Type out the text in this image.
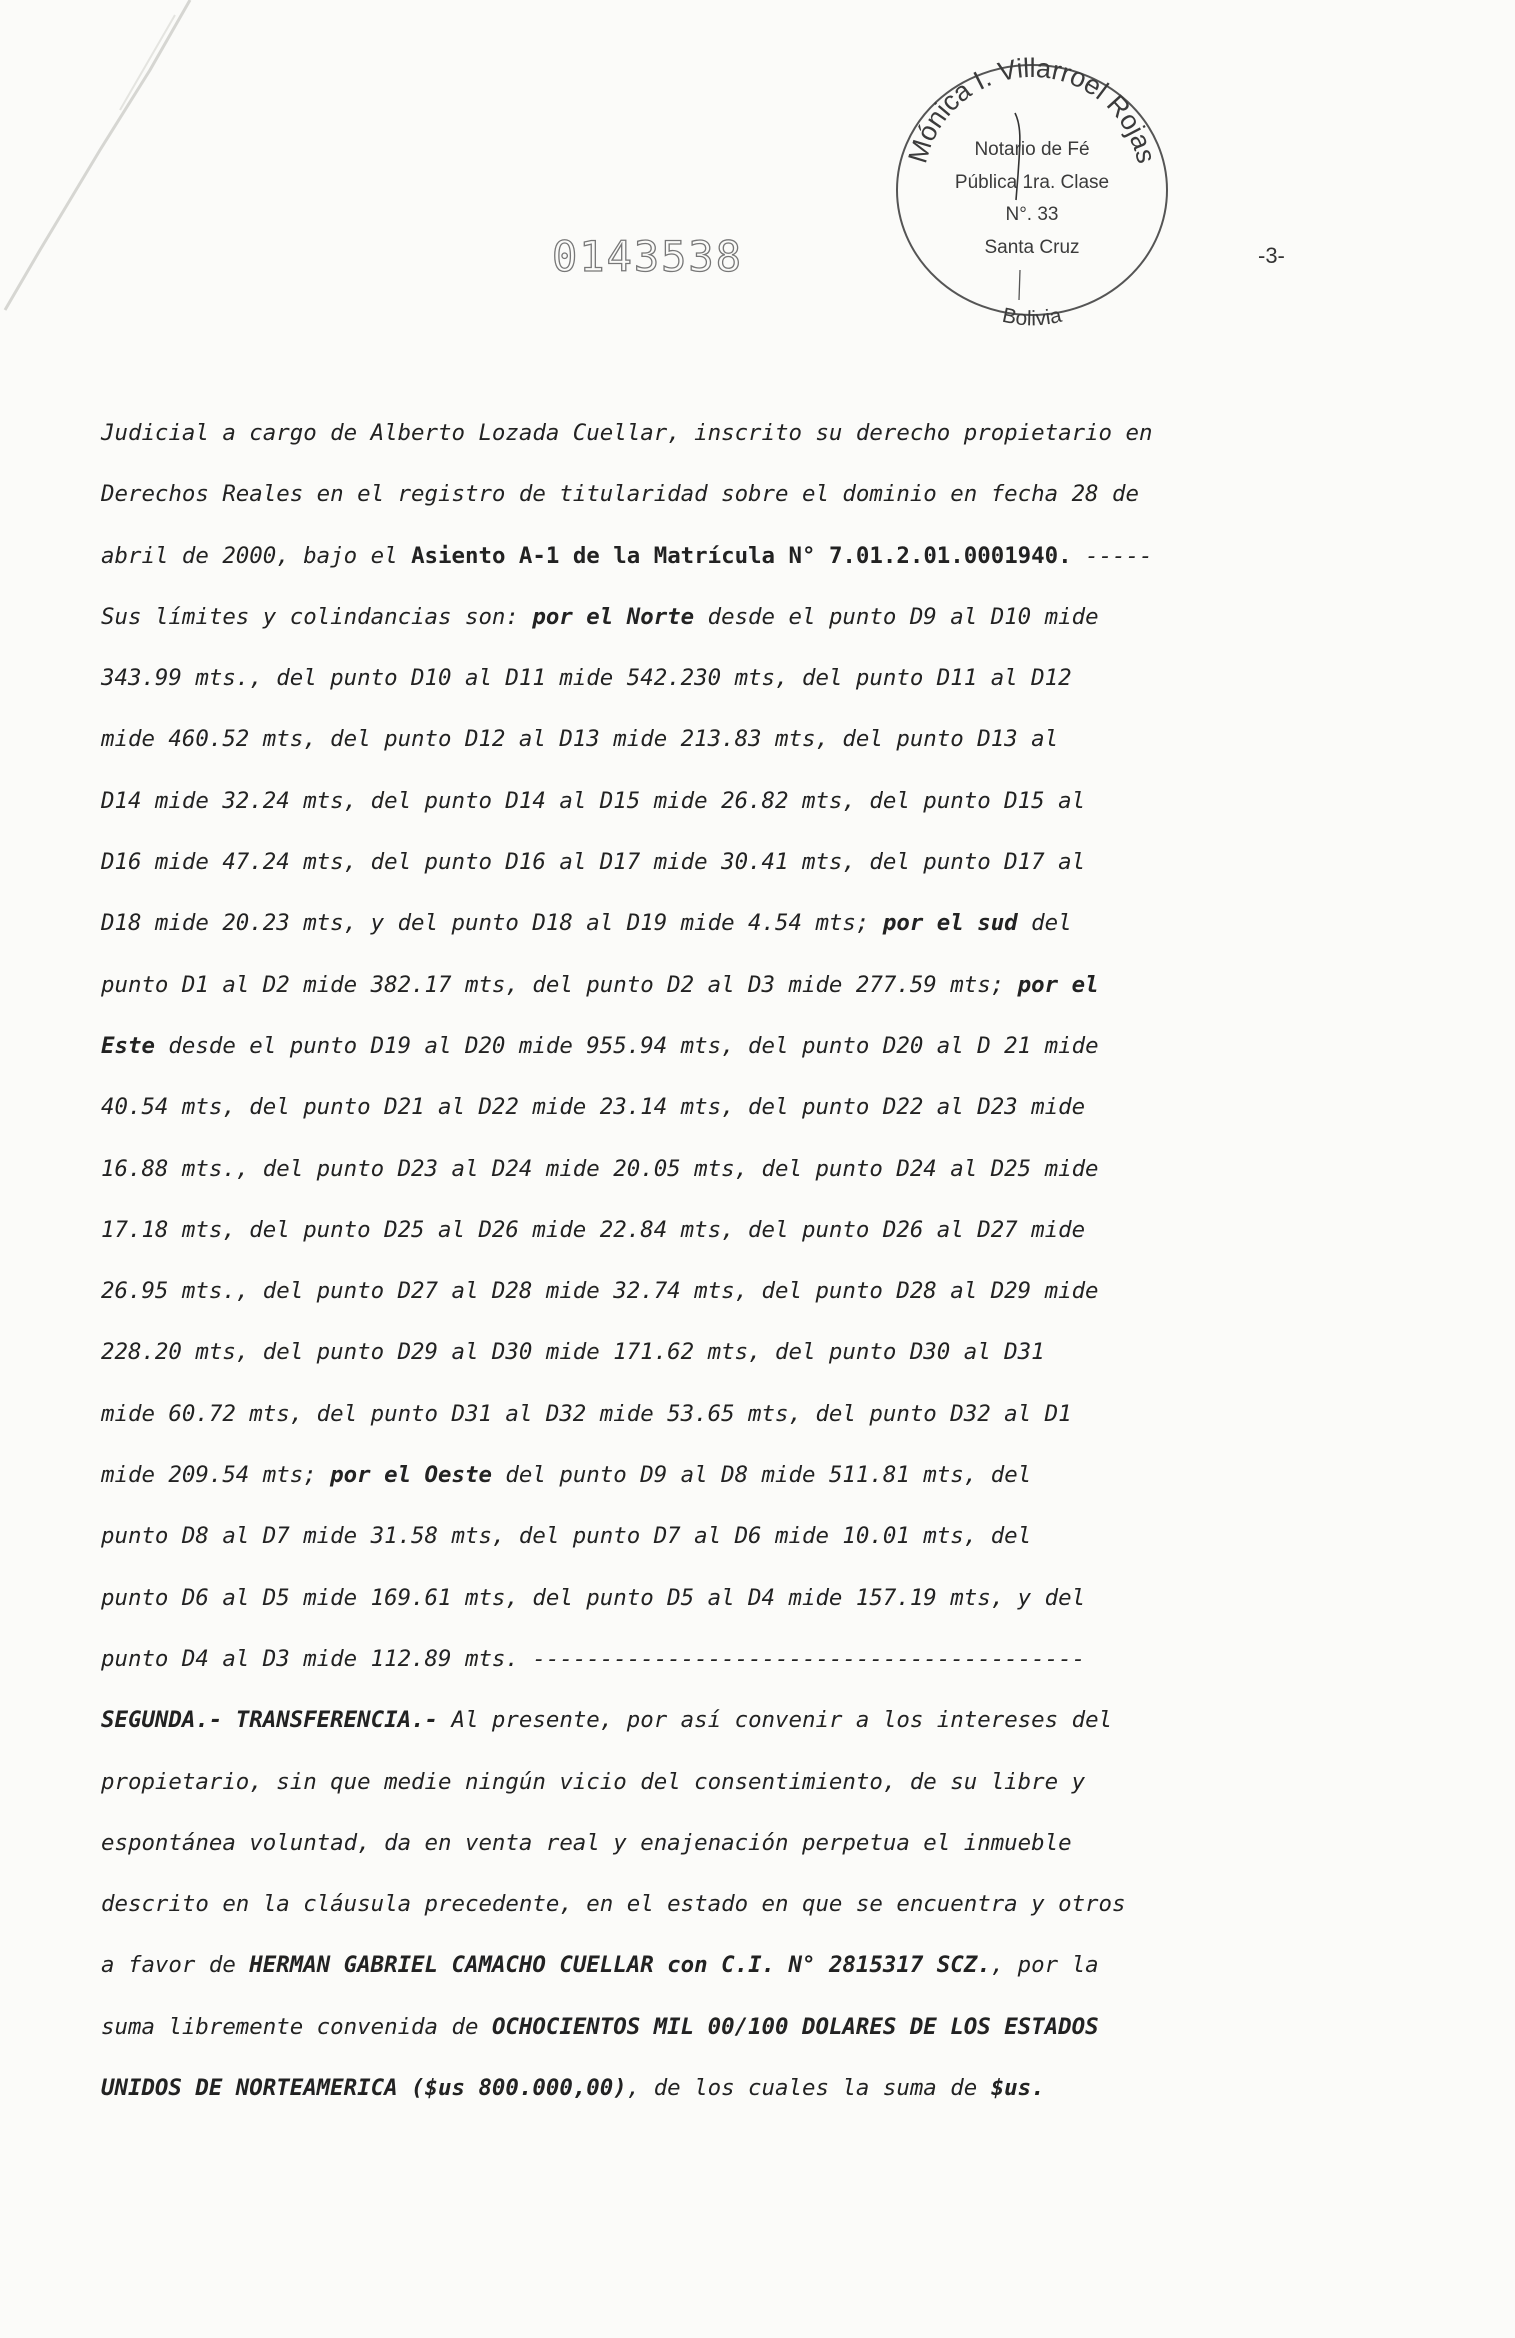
0143538
Mónica I. Villarroel Rojas
Notario de Fé
Pública 1ra. Clase
N°. 33
Santa Cruz
Bolivia
-3-
Judicial a cargo de Alberto Lozada Cuellar, inscrito su derecho propietario en
Derechos Reales en el registro de titularidad sobre el dominio en fecha 28 de
abril de 2000, bajo el Asiento A-1 de la Matrícula N° 7.01.2.01.0001940. -----
Sus límites y colindancias son: por el Norte desde el punto D9 al D10 mide
343.99 mts., del punto D10 al D11 mide 542.230 mts, del punto D11 al D12
mide 460.52 mts, del punto D12 al D13 mide 213.83 mts, del punto D13 al
D14 mide 32.24 mts, del punto D14 al D15 mide 26.82 mts, del punto D15 al
D16 mide 47.24 mts, del punto D16 al D17 mide 30.41 mts, del punto D17 al
D18 mide 20.23 mts, y del punto D18 al D19 mide 4.54 mts; por el sud del
punto D1 al D2 mide 382.17 mts, del punto D2 al D3 mide 277.59 mts; por el
Este desde el punto D19 al D20 mide 955.94 mts, del punto D20 al D 21 mide
40.54 mts, del punto D21 al D22 mide 23.14 mts, del punto D22 al D23 mide
16.88 mts., del punto D23 al D24 mide 20.05 mts, del punto D24 al D25 mide
17.18 mts, del punto D25 al D26 mide 22.84 mts, del punto D26 al D27 mide
26.95 mts., del punto D27 al D28 mide 32.74 mts, del punto D28 al D29 mide
228.20 mts, del punto D29 al D30 mide 171.62 mts, del punto D30 al D31
mide 60.72 mts, del punto D31 al D32 mide 53.65 mts, del punto D32 al D1
mide 209.54 mts; por el Oeste del punto D9 al D8 mide 511.81 mts, del
punto D8 al D7 mide 31.58 mts, del punto D7 al D6 mide 10.01 mts, del
punto D6 al D5 mide 169.61 mts, del punto D5 al D4 mide 157.19 mts, y del
punto D4 al D3 mide 112.89 mts. -----------------------------------------
SEGUNDA.- TRANSFERENCIA.- Al presente, por así convenir a los intereses del
propietario, sin que medie ningún vicio del consentimiento, de su libre y
espontánea voluntad, da en venta real y enajenación perpetua el inmueble
descrito en la cláusula precedente, en el estado en que se encuentra y otros
a favor de HERMAN GABRIEL CAMACHO CUELLAR con C.I. N° 2815317 SCZ., por la
suma libremente convenida de OCHOCIENTOS MIL 00/100 DOLARES DE LOS ESTADOS
UNIDOS DE NORTEAMERICA ($us 800.000,00), de los cuales la suma de $us.
